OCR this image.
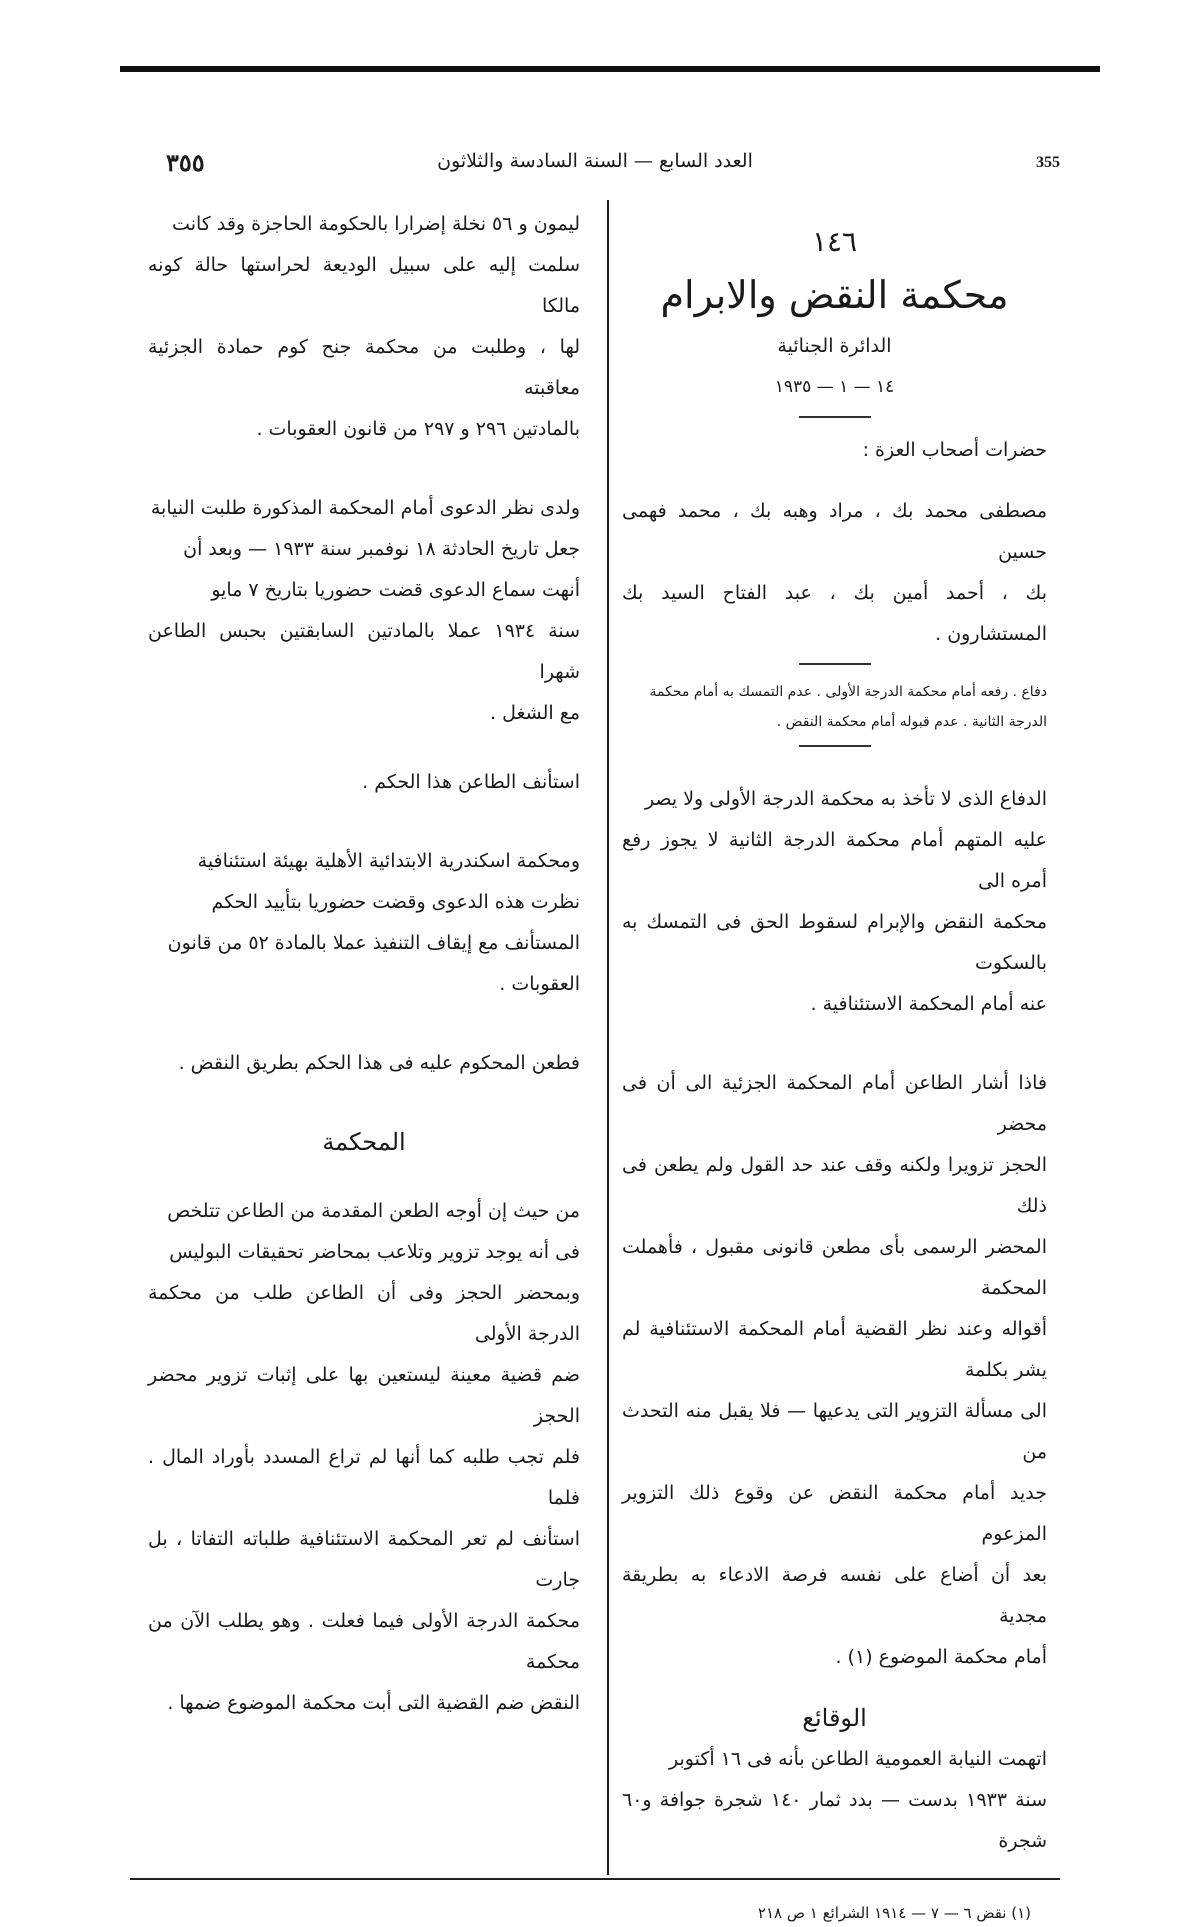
٣٥٥	العدد السابع — السنة السادسة والثلاثون	355

١٤٦

محكمة النقض والابرام

الدائرة الجنائية

١٤ — ١ — ١٩٣٥

حضرات أصحاب العزة :

مصطفى محمد بك ، مراد وهبه بك ، محمد فهمى حسين

بك ، أحمد أمين بك ، عبد الفتاح السيد بك المستشارون .

دفاع . رفعه أمام محكمة الدرجة الأولى . عدم التمسك به أمام محكمة

الدرجة الثانية . عدم قبوله أمام محكمة النقض .

الدفاع الذى لا تأخذ به محكمة الدرجة الأولى ولا يصر

عليه المتهم أمام محكمة الدرجة الثانية لا يجوز رفع أمره الى

محكمة النقض والإبرام لسقوط الحق فى التمسك به بالسكوت

عنه أمام المحكمة الاستئنافية .

فاذا أشار الطاعن أمام المحكمة الجزئية الى أن فى محضر

الحجز تزويرا ولكنه وقف عند حد القول ولم يطعن فى ذلك

المحضر الرسمى بأى مطعن قانونى مقبول ، فأهملت المحكمة

أقواله وعند نظر القضية أمام المحكمة الاستئنافية لم يشر بكلمة

الى مسألة التزوير التى يدعيها — فلا يقبل منه التحدث من

جديد أمام محكمة النقض عن وقوع ذلك التزوير المزعوم

بعد أن أضاع على نفسه فرصة الادعاء به بطريقة مجدية

أمام محكمة الموضوع (١) .

الوقائع

اتهمت النيابة العمومية الطاعن بأنه فى ١٦ أكتوبر

سنة ١٩٣٣ بدست — بدد ثمار ١٤٠ شجرة جوافة و٦٠ شجرة

ليمون و ٥٦ نخلة إضرارا بالحكومة الحاجزة وقد كانت

سلمت إليه على سبيل الوديعة لحراستها حالة كونه مالكا

لها ، وطلبت من محكمة جنح كوم حمادة الجزئية معاقبته

بالمادتين ٢٩٦ و ٢٩٧ من قانون العقوبات .

ولدى نظر الدعوى أمام المحكمة المذكورة طلبت النيابة

جعل تاريخ الحادثة ١٨ نوفمبر سنة ١٩٣٣ — وبعد أن

أنهت سماع الدعوى قضت حضوريا بتاريخ ٧ مايو

سنة ١٩٣٤ عملا بالمادتين السابقتين بحبس الطاعن شهرا

مع الشغل .

استأنف الطاعن هذا الحكم .

ومحكمة اسكندرية الابتدائية الأهلية بهيئة استئنافية

نظرت هذه الدعوى وقضت حضوريا بتأييد الحكم

المستأنف مع إيقاف التنفيذ عملا بالمادة ٥٢ من قانون

العقوبات .

فطعن المحكوم عليه فى هذا الحكم بطريق النقض .

المحكمة

من حيث إن أوجه الطعن المقدمة من الطاعن تتلخص

فى أنه يوجد تزوير وتلاعب بمحاضر تحقيقات البوليس

وبمحضر الحجز وفى أن الطاعن طلب من محكمة الدرجة الأولى

ضم قضية معينة ليستعين بها على إثبات تزوير محضر الحجز

فلم تجب طلبه كما أنها لم تراع المسدد بأوراد المال . فلما

استأنف لم تعر المحكمة الاستئنافية طلباته التفاتا ، بل جارت

محكمة الدرجة الأولى فيما فعلت . وهو يطلب الآن من محكمة

النقض ضم القضية التى أبت محكمة الموضوع ضمها .

(١) نقض ٦ — ٧ — ١٩١٤ الشرائع ١ ص ٢١٨
